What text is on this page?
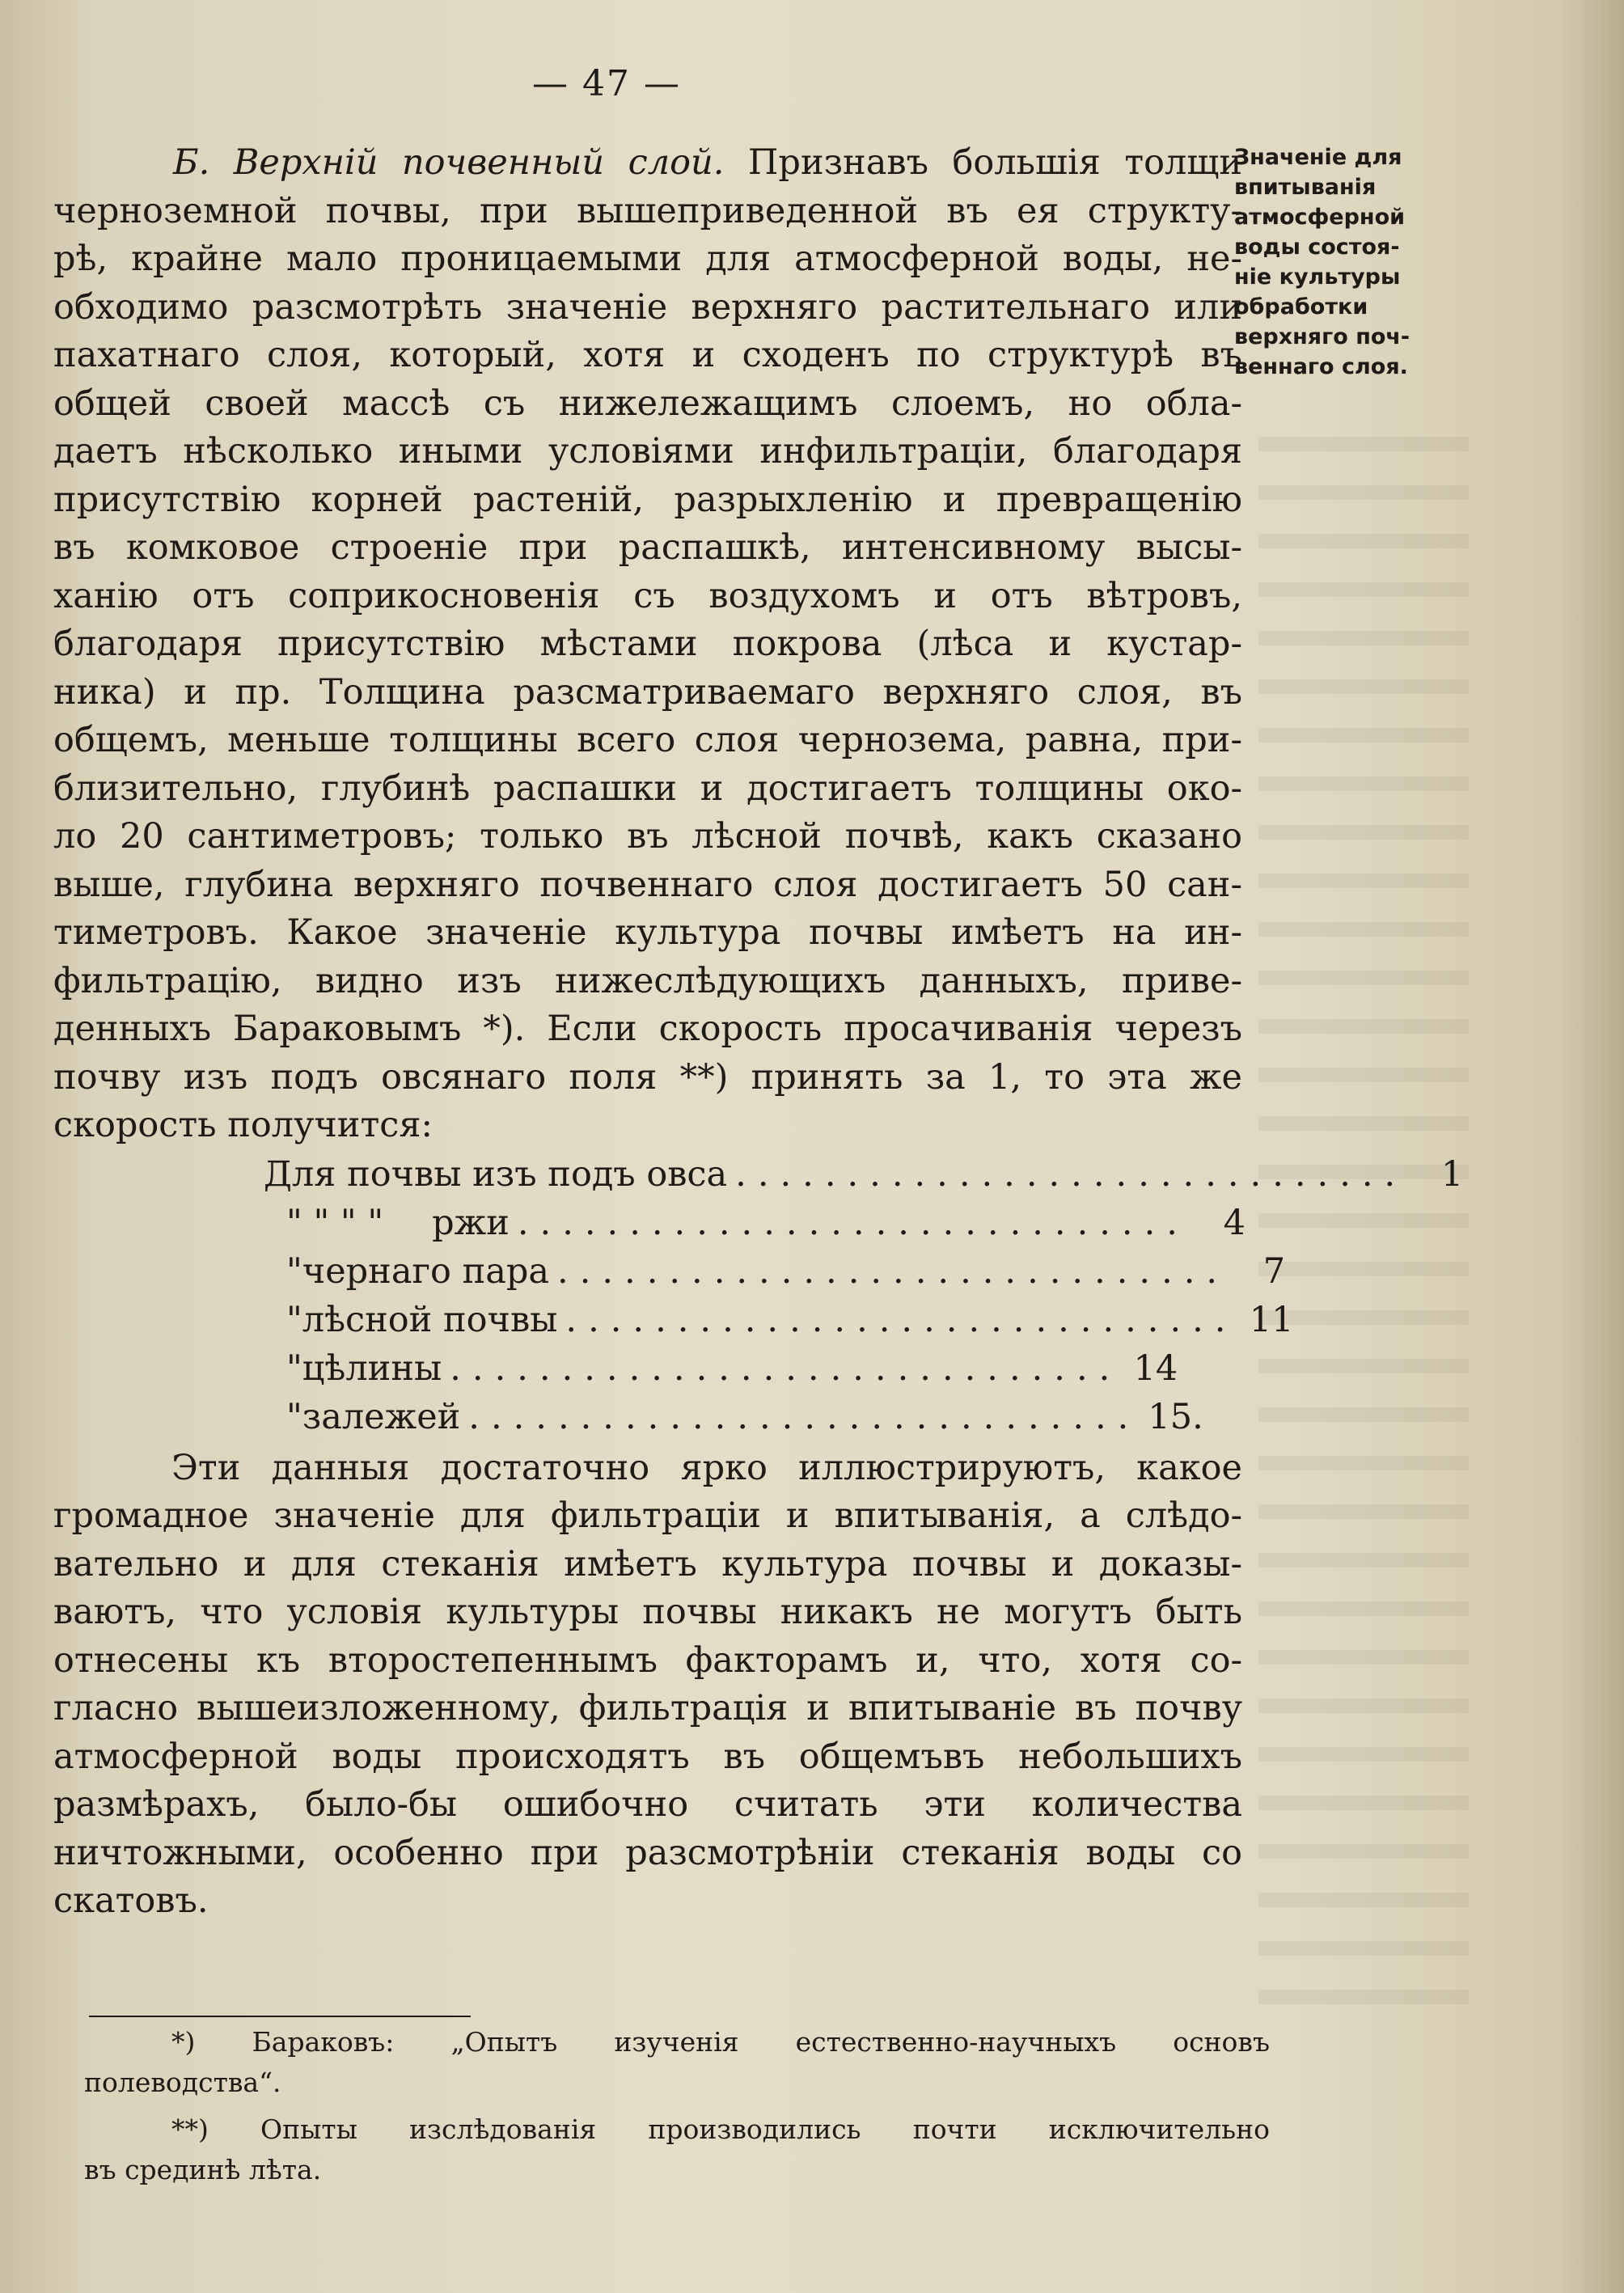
— 47 —
Значеніе для
впитыванія
атмосферной
воды состоя-
ніе культуры
обработки
верхняго поч-
веннаго слоя.
Б. Верхній почвенный слой. Признавъ большія толщи
черноземной почвы, при вышеприведенной въ ея структу-
рѣ, крайне мало проницаемыми для атмосферной воды, не-
обходимо разсмотрѣть значеніе верхняго растительнаго или
пахатнаго слоя, который, хотя и сходенъ по структурѣ въ
общей своей массѣ съ нижележащимъ слоемъ, но обла-
даетъ нѣсколько иными условіями инфильтраціи, благодаря
присутствію корней растеній, разрыхленію и превращенію
въ комковое строеніе при распашкѣ, интенсивному высы-
ханію отъ соприкосновенія съ воздухомъ и отъ вѣтровъ,
благодаря присутствію мѣстами покрова (лѣса и кустар-
ника) и пр. Толщина разсматриваемаго верхняго слоя, въ
общемъ, меньше толщины всего слоя чернозема, равна, при-
близительно, глубинѣ распашки и достигаетъ толщины око-
ло 20 сантиметровъ; только въ лѣсной почвѣ, какъ сказано
выше, глубина верхняго почвеннаго слоя достигаетъ 50 сан-
тиметровъ. Какое значеніе культура почвы имѣетъ на ин-
фильтрацію, видно изъ нижеслѣдующихъ данныхъ, приве-
денныхъ Бараковымъ *). Если скорость просачиванія черезъ
почву изъ подъ овсянаго поля **) принять за 1, то эта же
скорость получится:
Для почвы изъ подъ овса .............................. 1
" " " "	ржи .............................. 4
" чернаго пара .............................. 7
" лѣсной почвы .............................. 11
" цѣлины .............................. 14
" залежей .............................. 15.
Эти данныя достаточно ярко иллюстрируютъ, какое
громадное значеніе для фильтраціи и впитыванія, а слѣдо-
вательно и для стеканія имѣетъ культура почвы и доказы-
ваютъ, что условія культуры почвы никакъ не могутъ быть
отнесены къ второстепеннымъ факторамъ и, что, хотя со-
гласно вышеизложенному, фильтрація и впитываніе въ почву
атмосферной воды происходятъ въ общемъвъ небольшихъ
размѣрахъ, было-бы ошибочно считать эти количества
ничтожными, особенно при разсмотрѣніи стеканія воды со
скатовъ.
*) Бараковъ: „Опытъ изученія естественно-научныхъ основъ
полеводства“.
**) Опыты изслѣдованія производились почти исключительно
въ срединѣ лѣта.
